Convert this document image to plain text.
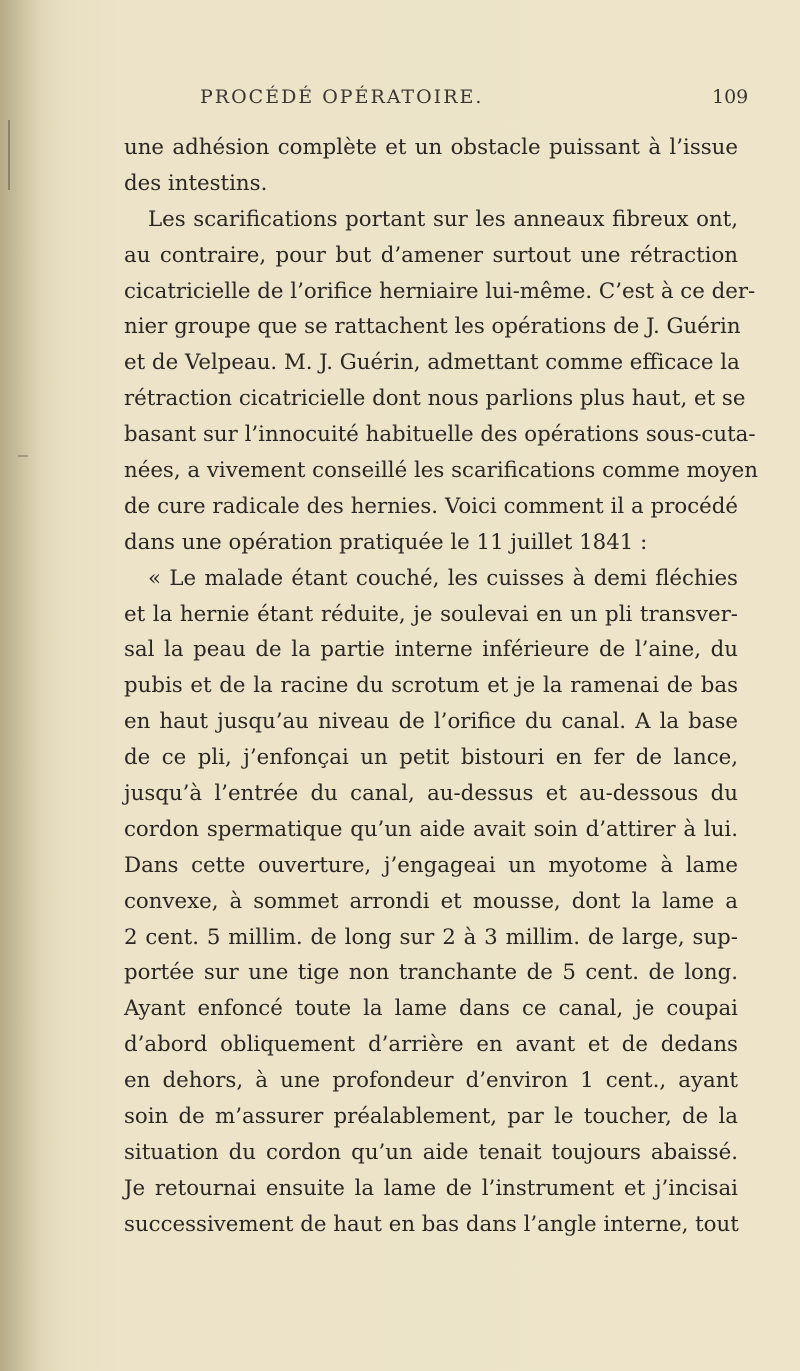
PROCÉDÉ OPÉRATOIRE.	109
une adhésion complète et un obstacle puissant à l’issue
des intestins.
Les scarifications portant sur les anneaux fibreux ont,
au contraire, pour but d’amener surtout une rétraction
cicatricielle de l’orifice herniaire lui-même. C’est à ce der-
nier groupe que se rattachent les opérations de J. Guérin
et de Velpeau. M. J. Guérin, admettant comme efficace la
rétraction cicatricielle dont nous parlions plus haut, et se
basant sur l’innocuité habituelle des opérations sous-cuta-
nées, a vivement conseillé les scarifications comme moyen
de cure radicale des hernies. Voici comment il a procédé
dans une opération pratiquée le 11 juillet 1841 :
« Le malade étant couché, les cuisses à demi fléchies
et la hernie étant réduite, je soulevai en un pli transver-
sal la peau de la partie interne inférieure de l’aine, du
pubis et de la racine du scrotum et je la ramenai de bas
en haut jusqu’au niveau de l’orifice du canal. A la base
de ce pli, j’enfonçai un petit bistouri en fer de lance,
jusqu’à l’entrée du canal, au-dessus et au-dessous du
cordon spermatique qu’un aide avait soin d’attirer à lui.
Dans cette ouverture, j’engageai un myotome à lame
convexe, à sommet arrondi et mousse, dont la lame a
2 cent. 5 millim. de long sur 2 à 3 millim. de large, sup-
portée sur une tige non tranchante de 5 cent. de long.
Ayant enfoncé toute la lame dans ce canal, je coupai
d’abord obliquement d’arrière en avant et de dedans
en dehors, à une profondeur d’environ 1 cent., ayant
soin de m’assurer préalablement, par le toucher, de la
situation du cordon qu’un aide tenait toujours abaissé.
Je retournai ensuite la lame de l’instrument et j’incisai
successivement de haut en bas dans l’angle interne, tout
